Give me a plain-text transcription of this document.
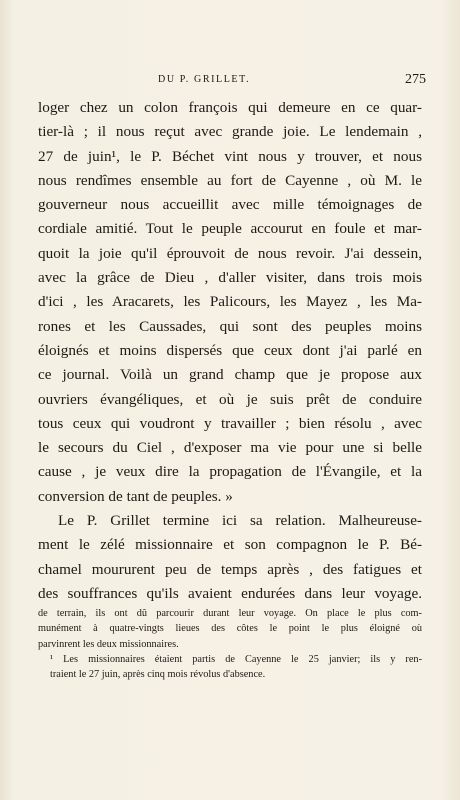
DU P. GRILLET.	275
loger chez un colon françois qui demeure en ce quar-
tier-là ; il nous reçut avec grande joie. Le lendemain ,
27 de juin¹, le P. Béchet vint nous y trouver, et nous
nous rendîmes ensemble au fort de Cayenne , où M. le
gouverneur nous accueillit avec mille témoignages de
cordiale amitié. Tout le peuple accourut en foule et mar-
quoit la joie qu'il éprouvoit de nous revoir. J'ai dessein,
avec la grâce de Dieu , d'aller visiter, dans trois mois
d'ici , les Aracarets, les Palicours, les Mayez , les Ma-
rones et les Caussades, qui sont des peuples moins
éloignés et moins dispersés que ceux dont j'ai parlé en
ce journal. Voilà un grand champ que je propose aux
ouvriers évangéliques, et où je suis prêt de conduire
tous ceux qui voudront y travailler ; bien résolu , avec
le secours du Ciel , d'exposer ma vie pour une si belle
cause , je veux dire la propagation de l'Évangile, et la
conversion de tant de peuples. »
Le P. Grillet termine ici sa relation. Malheureuse-
ment le zélé missionnaire et son compagnon le P. Bé-
chamel moururent peu de temps après , des fatigues et
des souffrances qu'ils avaient endurées dans leur voyage.
de terrain, ils ont dû parcourir durant leur voyage. On place le plus com-
munément à quatre-vingts lieues des côtes le point le plus éloigné où
parvinrent les deux missionnaires.
¹ Les missionnaires étaient partis de Cayenne le 25 janvier; ils y ren-
traient le 27 juin, après cinq mois révolus d'absence.
